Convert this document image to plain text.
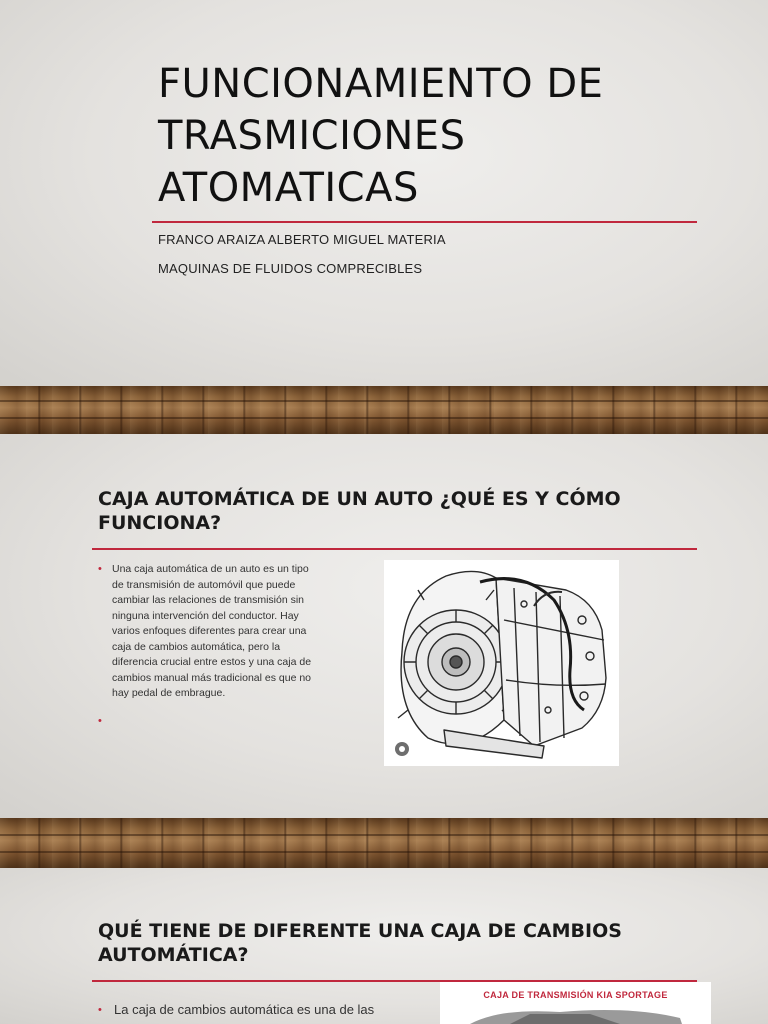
FUNCIONAMIENTO DE
TRASMICIONES
ATOMATICAS
FRANCO ARAIZA ALBERTO MIGUEL MATERIA
MAQUINAS DE FLUIDOS COMPRECIBLES
CAJA AUTOMÁTICA DE UN AUTO ¿QUÉ ES Y CÓMO
FUNCIONA?
• Una caja automática de un auto es un tipo de transmisión de automóvil que puede cambiar las relaciones de transmisión sin ninguna intervención del conductor. Hay varios enfoques diferentes para crear una caja de cambios automática, pero la diferencia crucial entre estos y una caja de cambios manual más tradicional es que no hay pedal de embrague.
•
QUÉ TIENE DE DIFERENTE UNA CAJA DE CAMBIOS
AUTOMÁTICA?
• La caja de cambios automática es una de las
CAJA DE TRANSMISIÓN KIA SPORTAGE
